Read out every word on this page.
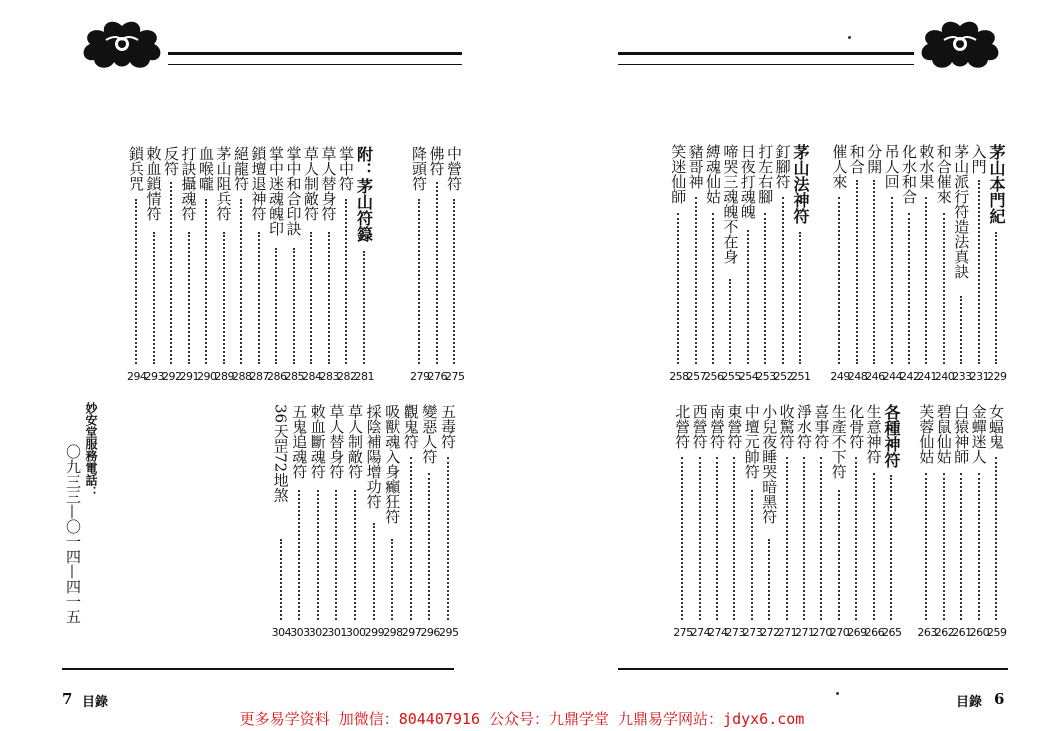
中營符
275
佛符
276
降頭符
279
附：茅山符籙
281
掌中符
282
草人替身符
283
草人制敵符
284
掌中和合印訣
285
掌中迷魂魄印
286
鎖壇退神符
287
絕龍符
288
茅山阻兵符
289
血喉嚨
290
打訣攝魂符
291
反符
292
敕血鎖情符
293
鎖兵咒
294
五毒符
295
變惡人符
296
觀鬼符
297
吸獸魂入身癲狂符
298
採陰補陽增功符
299
草人制敵符
300
草人替身符
301
敕血斷魂符
302
五鬼追魂符
303
36天罡72地煞
304
妙安堂服務電話：
〇九三三—〇一四—四一五
7 目錄
茅山本門紀
229
入門
231
茅山派行符造法真訣
233
和合催來
240
敕水果
241
化水和合
242
吊人回
244
分開
246
和合
248
催人來
249
茅山法神符
251
釘腳符
252
打左右腳
253
日夜打魂魄
254
啼哭三魂魄不在身
255
縛魂仙姑
256
豬哥神
257
笑迷仙師
258
女蝠鬼
259
金蟬迷人
260
白猿神師
261
碧鼠仙姑
262
芙蓉仙姑
263
各種神符
265
生意神符
266
化骨符
269
生產不下符
270
喜事符
270
淨水符
271
收驚符
271
小兒夜睡哭暗黑符
272
中壇元帥符
273
東營符
273
南營符
274
西營符
274
北營符
275
目錄 6
更多易学资料 加微信：804407916 公众号：九鼎学堂 九鼎易学网站：jdyx6.com
